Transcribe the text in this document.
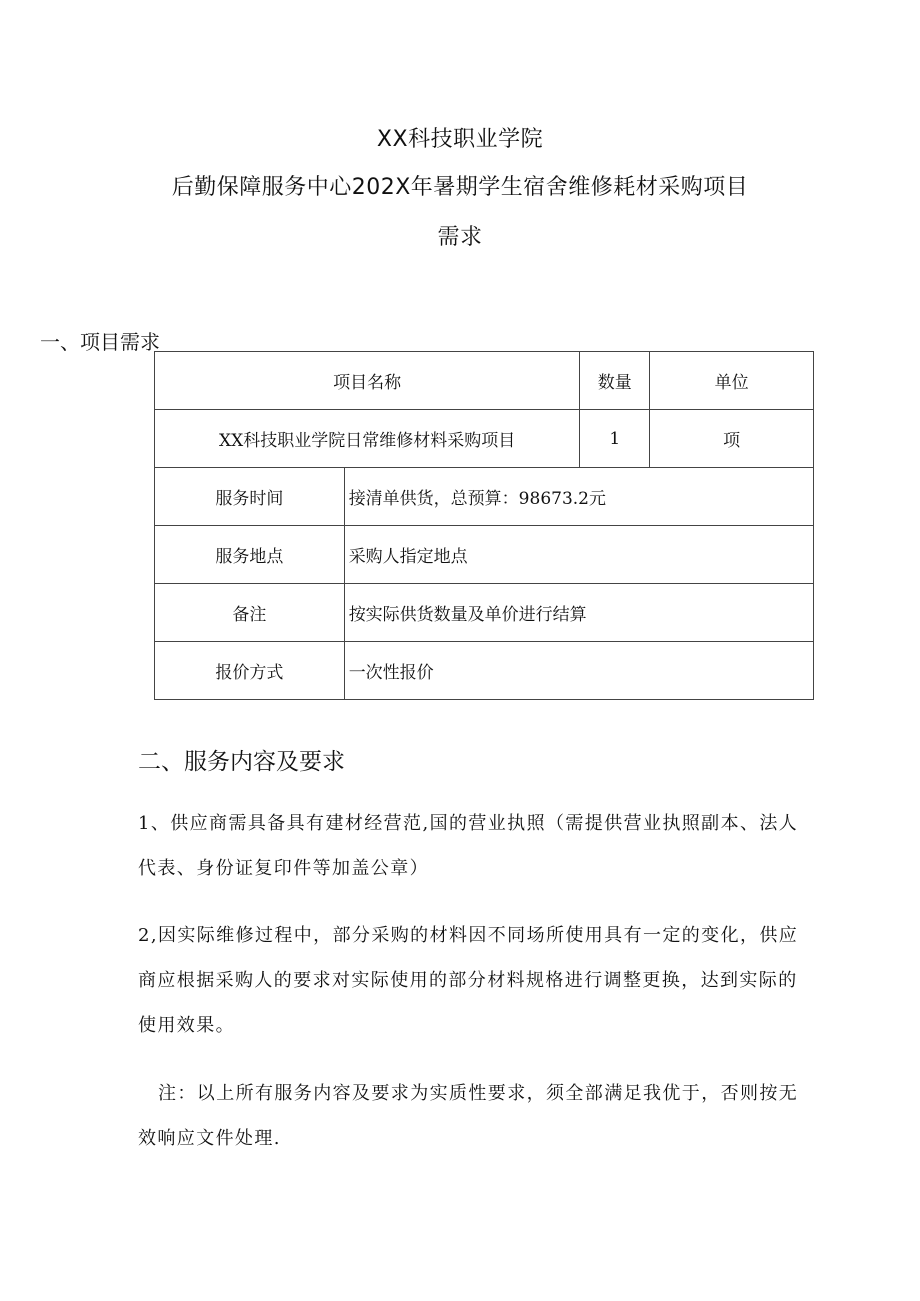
XX科技职业学院
后勤保障服务中心202X年暑期学生宿舍维修耗材采购项目
需求
一、项目需求
项目名称		数量	单位
XX科技职业学院日常维修材料采购项目		1	项
服务时间	接清单供货，总预算：98673.2元		
服务地点	采购人指定地点		
备注	按实际供货数量及单价进行结算		
报价方式	一次性报价		
二、服务内容及要求
1、供应商需具备具有建材经营范,国的营业执照（需提供营业执照副本、法人代表、身份证复印件等加盖公章）
2,因实际维修过程中，部分采购的材料因不同场所使用具有一定的变化，供应商应根据采购人的要求对实际使用的部分材料规格进行调整更换，达到实际的使用效果。
注：以上所有服务内容及要求为实质性要求，须全部满足我优于，否则按无效响应文件处理.
